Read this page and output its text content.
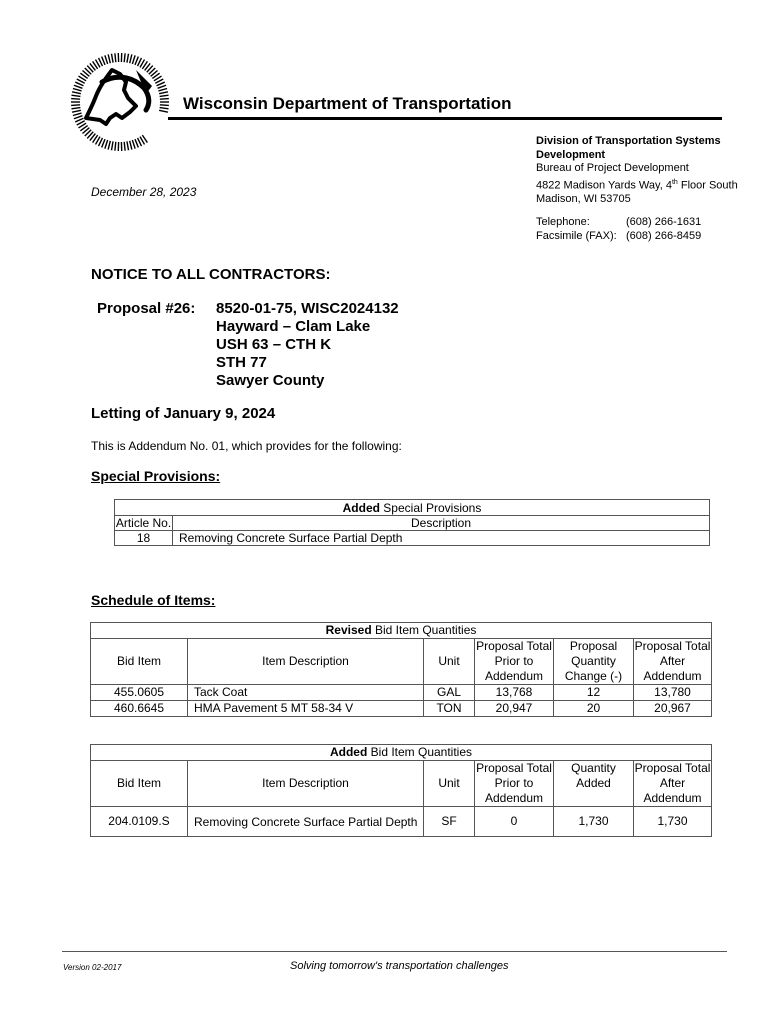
Wisconsin Department of Transportation
Division of Transportation Systems
Development
Bureau of Project Development
4822 Madison Yards Way, 4th Floor South
Madison, WI 53705
Telephone:	(608) 266-1631
Facsimile (FAX): (608) 266-8459
December 28, 2023
NOTICE TO ALL CONTRACTORS:
Proposal #26: 8520-01-75, WISC2024132
Hayward – Clam Lake
USH 63 – CTH K
STH 77
Sawyer County
Letting of January 9, 2024
This is Addendum No. 01, which provides for the following:
Special Provisions:
Added Special Provisions	
Article No.	Description
18	Removing Concrete Surface Partial Depth
Schedule of Items:
Revised Bid Item Quantities					
Bid Item	Item Description	Unit	Proposal Total Prior to Addendum	Proposal Quantity Change (-)	Proposal Total After Addendum
455.0605	Tack Coat	GAL	13,768	12	13,780
460.6645	HMA Pavement 5 MT 58-34 V	TON	20,947	20	20,967
Added Bid Item Quantities					
Bid Item	Item Description	Unit	Proposal Total Prior to Addendum	Quantity Added	Proposal Total After Addendum
204.0109.S	Removing Concrete Surface Partial Depth	SF	0	1,730	1,730
Version 02-2017	Solving tomorrow's transportation challenges
